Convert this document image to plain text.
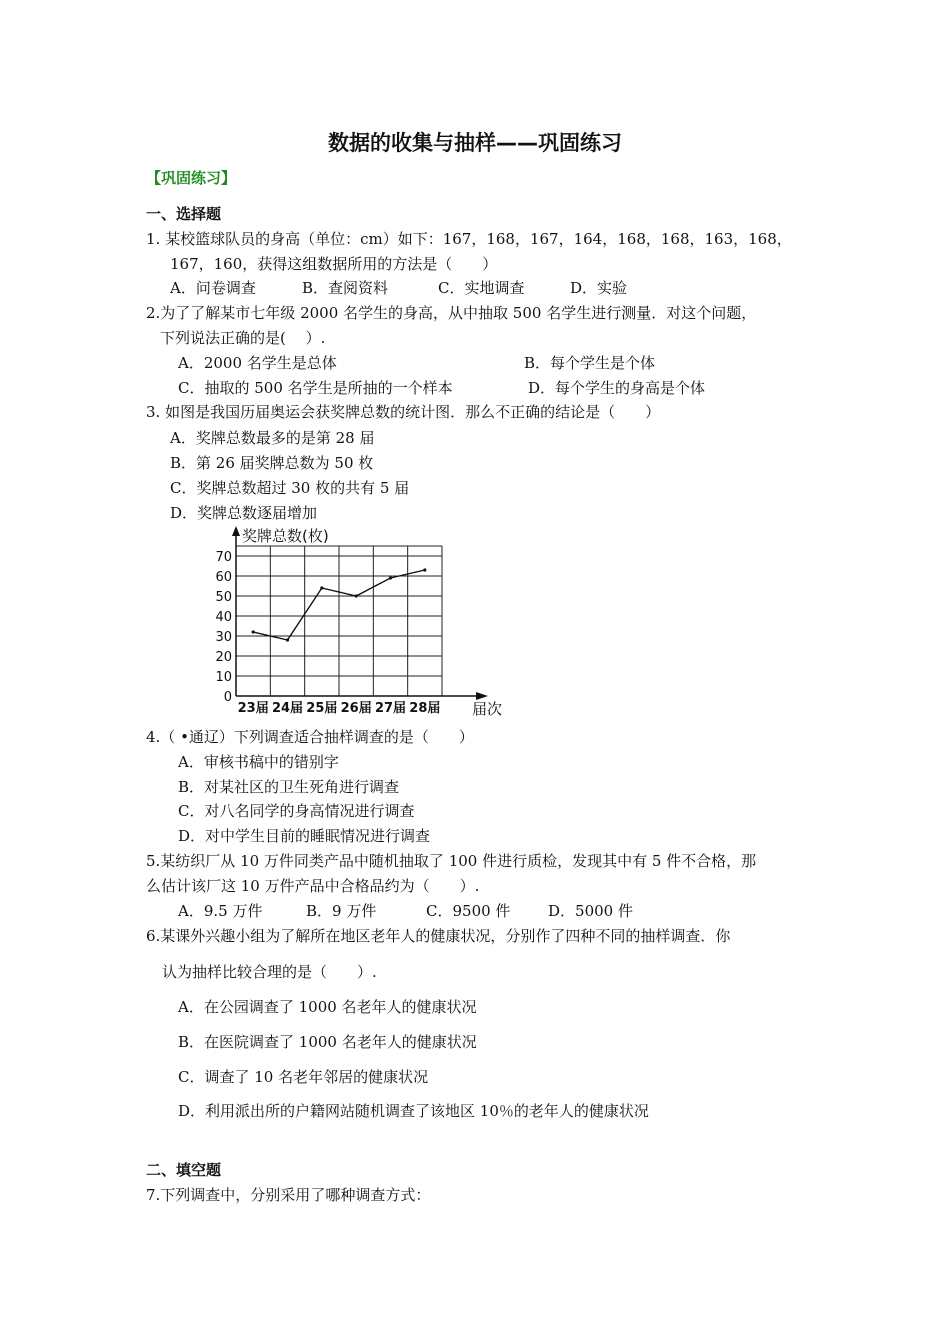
数据的收集与抽样——巩固练习
【巩固练习】
一、选择题
1. 某校篮球队员的身高（单位：cm）如下：167，168，167，164，168，168，163，168，
167，160，获得这组数据所用的方法是（　　）
A．问卷调查	B．查阅资料	C．实地调查	D．实验
2.为了了解某市七年级 2000 名学生的身高，从中抽取 500 名学生进行测量．对这个问题，
下列说法正确的是(　 ）.
A．2000 名学生是总体	B．每个学生是个体
C．抽取的 500 名学生是所抽的一个样本	D．每个学生的身高是个体
3. 如图是我国历届奥运会获奖牌总数的统计图．那么不正确的结论是（　　）
A．奖牌总数最多的是第 28 届
B．第 26 届奖牌总数为 50 枚
C．奖牌总数超过 30 枚的共有 5 届
D．奖牌总数逐届增加
奖牌总数(枚)
届次
0
10
20
30
40
50
60
70
23届 24届 25届 26届 27届 28届
4.（ •通辽）下列调查适合抽样调查的是（　　）
A．审核书稿中的错别字
B．对某社区的卫生死角进行调查
C．对八名同学的身高情况进行调查
D．对中学生目前的睡眠情况进行调查
5.某纺织厂从 10 万件同类产品中随机抽取了 100 件进行质检，发现其中有 5 件不合格，那
么估计该厂这 10 万件产品中合格品约为（　　）.
A．9.5 万件	B．9 万件	C．9500 件	D．5000 件
6.某课外兴趣小组为了解所在地区老年人的健康状况，分别作了四种不同的抽样调查．你
认为抽样比较合理的是（　　）.
A．在公园调查了 1000 名老年人的健康状况
B．在医院调查了 1000 名老年人的健康状况
C．调查了 10 名老年邻居的健康状况
D．利用派出所的户籍网站随机调查了该地区 10％的老年人的健康状况
二、填空题
7.下列调查中，分别采用了哪种调查方式：
